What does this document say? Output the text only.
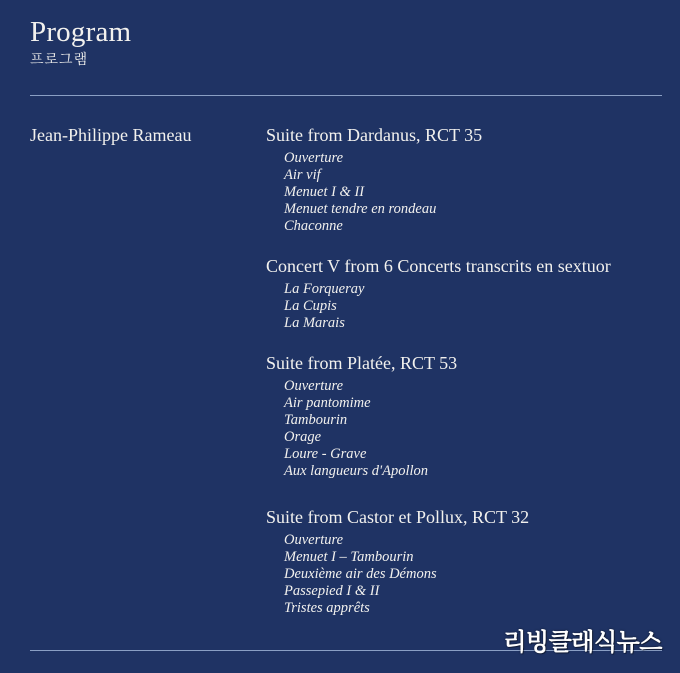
Program
프로그램
Jean-Philippe Rameau	Suite from Dardanus, RCT 35
Ouverture
Air vif
Menuet I & II
Menuet tendre en rondeau
Chaconne
Concert V from 6 Concerts transcrits en sextuor
La Forqueray
La Cupis
La Marais
Suite from Platée, RCT 53
Ouverture
Air pantomime
Tambourin
Orage
Loure - Grave
Aux langueurs d'Apollon
Suite from Castor et Pollux, RCT 32
Ouverture
Menuet I – Tambourin
Deuxième air des Démons
Passepied I & II
Tristes apprêts
리빙클래식뉴스
